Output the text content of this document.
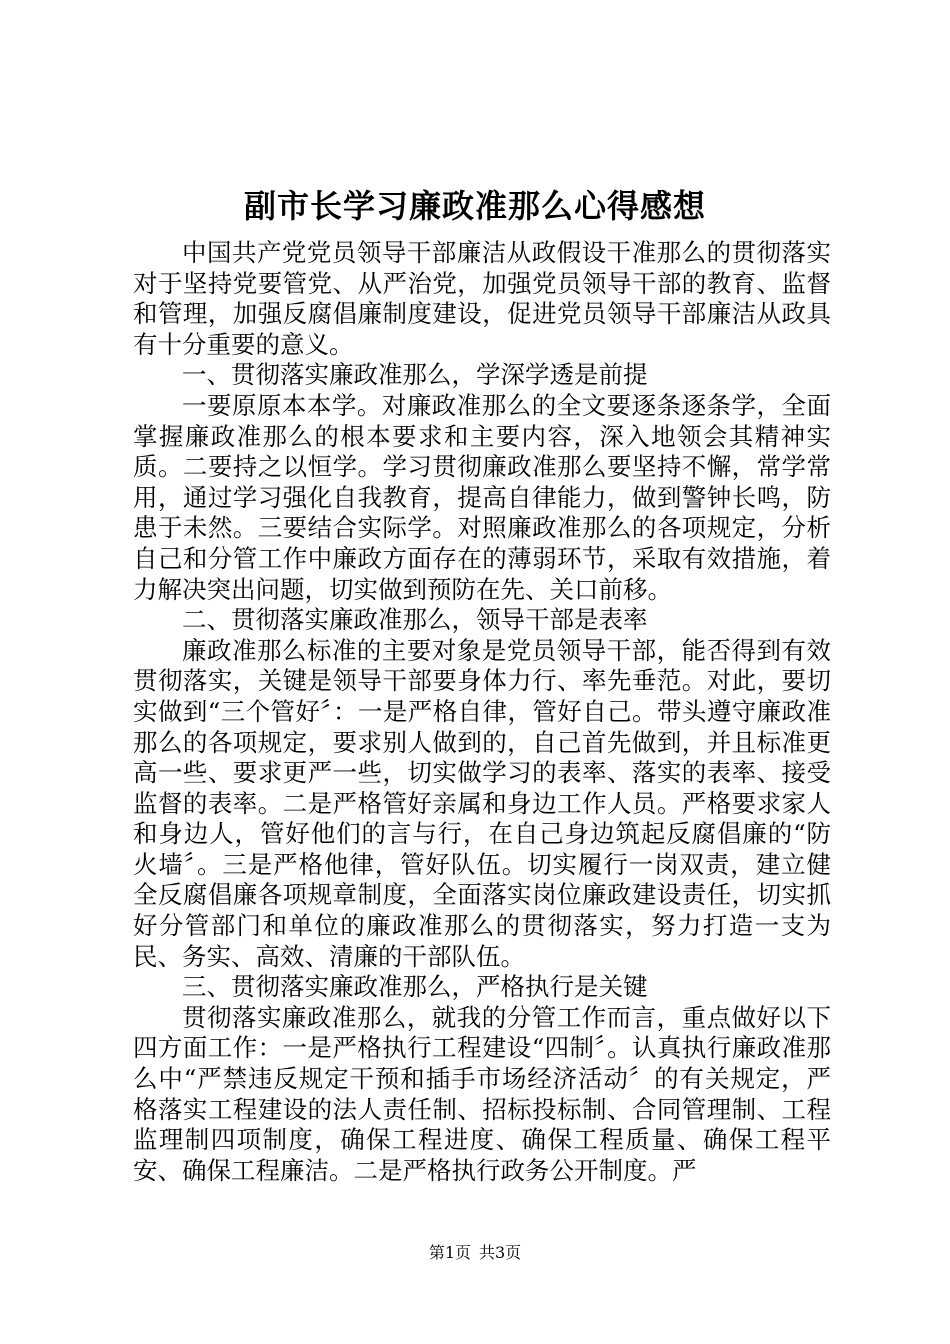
副市长学习廉政准那么心得感想

中国共产党党员领导干部廉洁从政假设干准那么的贯彻落实对于坚持党要管党、从严治党，加强党员领导干部的教育、监督和管理，加强反腐倡廉制度建设，促进党员领导干部廉洁从政具有十分重要的意义。

一、贯彻落实廉政准那么，学深学透是前提

一要原原本本学。对廉政准那么的全文要逐条逐条学，全面掌握廉政准那么的根本要求和主要内容，深入地领会其精神实质。二要持之以恒学。学习贯彻廉政准那么要坚持不懈，常学常用，通过学习强化自我教育，提高自律能力，做到警钟长鸣，防患于未然。三要结合实际学。对照廉政准那么的各项规定，分析自己和分管工作中廉政方面存在的薄弱环节，采取有效措施，着力解决突出问题，切实做到预防在先、关口前移。

二、贯彻落实廉政准那么，领导干部是表率

廉政准那么标准的主要对象是党员领导干部，能否得到有效贯彻落实，关键是领导干部要身体力行、率先垂范。对此，要切实做到“三个管好〞：一是严格自律，管好自己。带头遵守廉政准那么的各项规定，要求别人做到的，自己首先做到，并且标准更高一些、要求更严一些，切实做学习的表率、落实的表率、接受监督的表率。二是严格管好亲属和身边工作人员。严格要求家人和身边人，管好他们的言与行，在自己身边筑起反腐倡廉的“防火墙〞。三是严格他律，管好队伍。切实履行一岗双责，建立健全反腐倡廉各项规章制度，全面落实岗位廉政建设责任，切实抓好分管部门和单位的廉政准那么的贯彻落实，努力打造一支为民、务实、高效、清廉的干部队伍。

三、贯彻落实廉政准那么，严格执行是关键

贯彻落实廉政准那么，就我的分管工作而言，重点做好以下四方面工作：一是严格执行工程建设“四制〞。认真执行廉政准那么中“严禁违反规定干预和插手市场经济活动〞的有关规定，严格落实工程建设的法人责任制、招标投标制、合同管理制、工程监理制四项制度，确保工程进度、确保工程质量、确保工程平安、确保工程廉洁。二是严格执行政务公开制度。严

第1页 共3页
